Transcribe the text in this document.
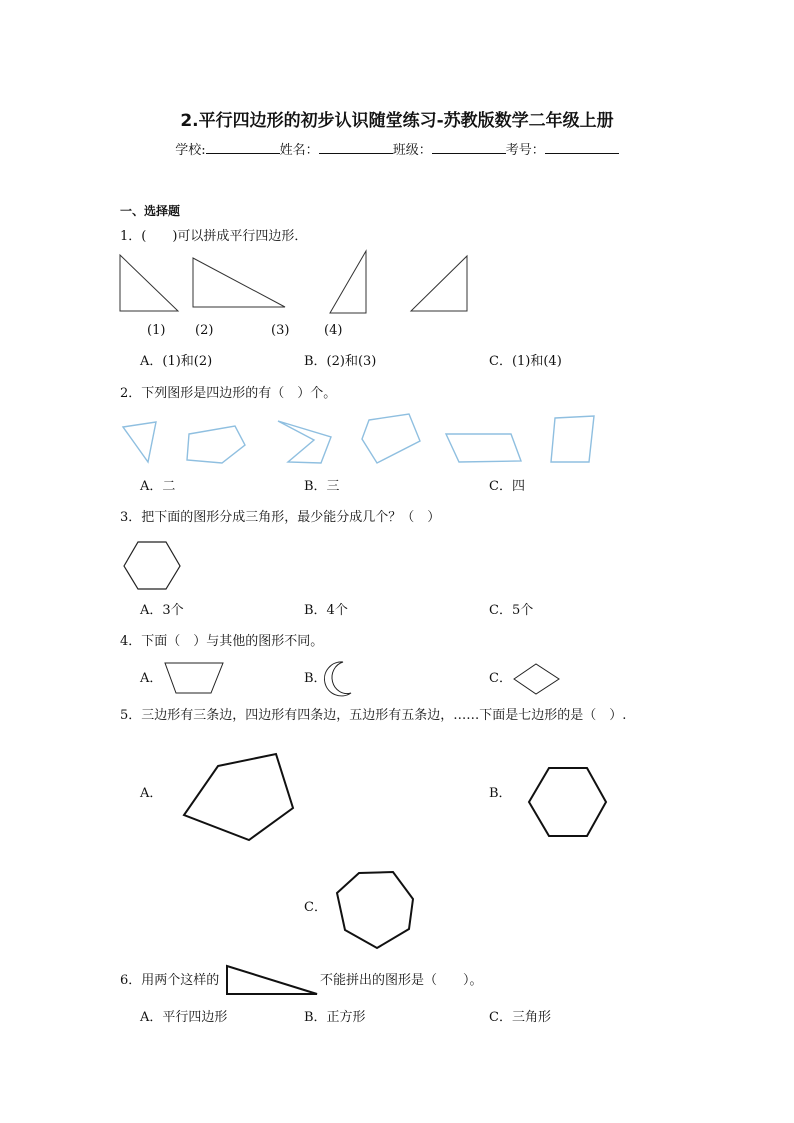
2.平行四边形的初步认识随堂练习-苏教版数学二年级上册
学校:	姓名：	班级：	考号：
一、选择题
1．(　　)可以拼成平行四边形．
(1) (2)	(3)	(4)
A．(1)和(2)	B．(2)和(3)	C．(1)和(4)
2．下列图形是四边形的有（　）个。
A．二	B．三	C．四
3．把下面的图形分成三角形，最少能分成几个？（　）
A．3个	B．4个	C．5个
4．下面（　）与其他的图形不同。
A．	B．	C．
5．三边形有三条边，四边形有四条边，五边形有五条边，……下面是七边形的是（　）.
A．	B．
C．
6．用两个这样的	不能拼出的图形是（　　）。
A．平行四边形	B．正方形	C．三角形
